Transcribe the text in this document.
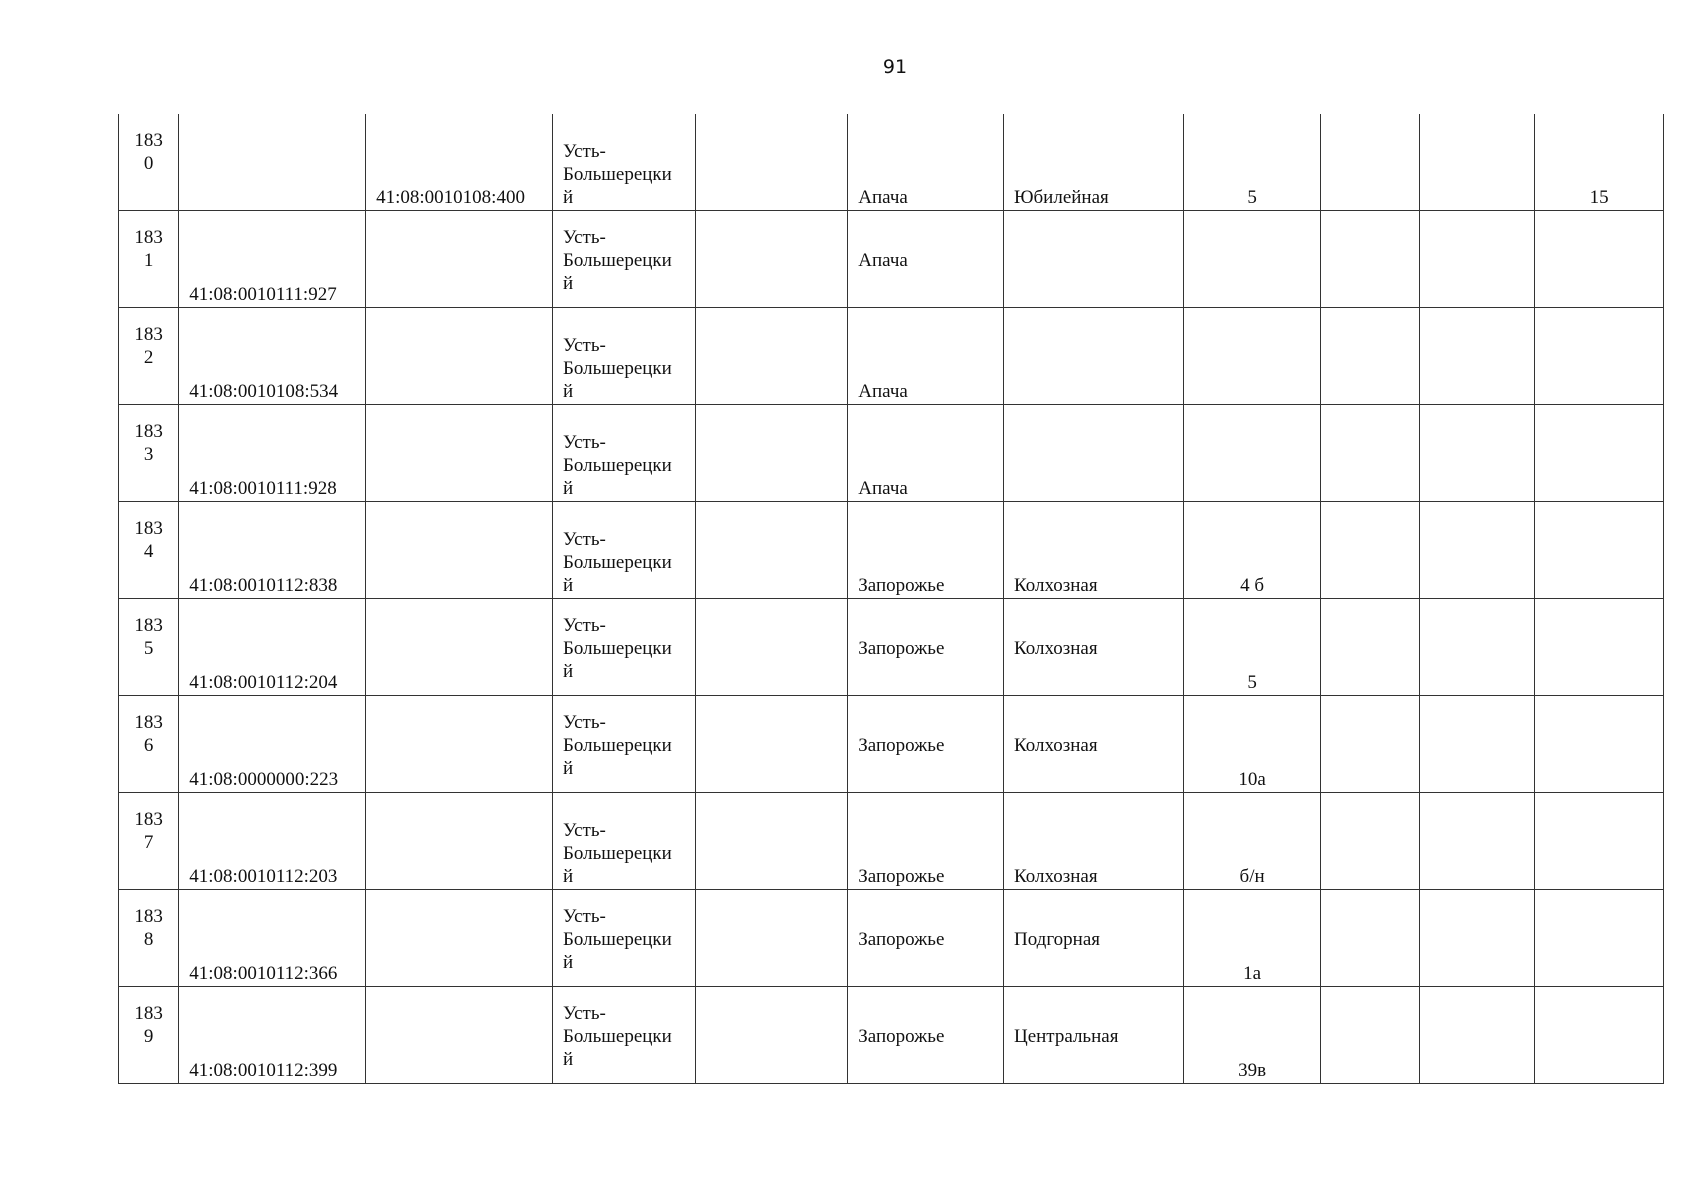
91
183
0		41:08:0010108:400	Усть-
Большерецки
й		Апача	Юбилейная	5			15

183
1	41:08:0010111:927		Усть-
Большерецки
й		Апача					

183
2	41:08:0010108:534		Усть-
Большерецки
й		Апача					

183
3	41:08:0010111:928		Усть-
Большерецки
й		Апача					

183
4	41:08:0010112:838		Усть-
Большерецки
й		Запорожье	Колхозная	4 б			

183
5	41:08:0010112:204		Усть-
Большерецки
й		Запорожье	Колхозная	5			

183
6	41:08:0000000:223		Усть-
Большерецки
й		Запорожье	Колхозная	10а			

183
7	41:08:0010112:203		Усть-
Большерецки
й		Запорожье	Колхозная	б/н			

183
8	41:08:0010112:366		Усть-
Большерецки
й		Запорожье	Подгорная	1а			

183
9	41:08:0010112:399		Усть-
Большерецки
й		Запорожье	Центральная	39в			
